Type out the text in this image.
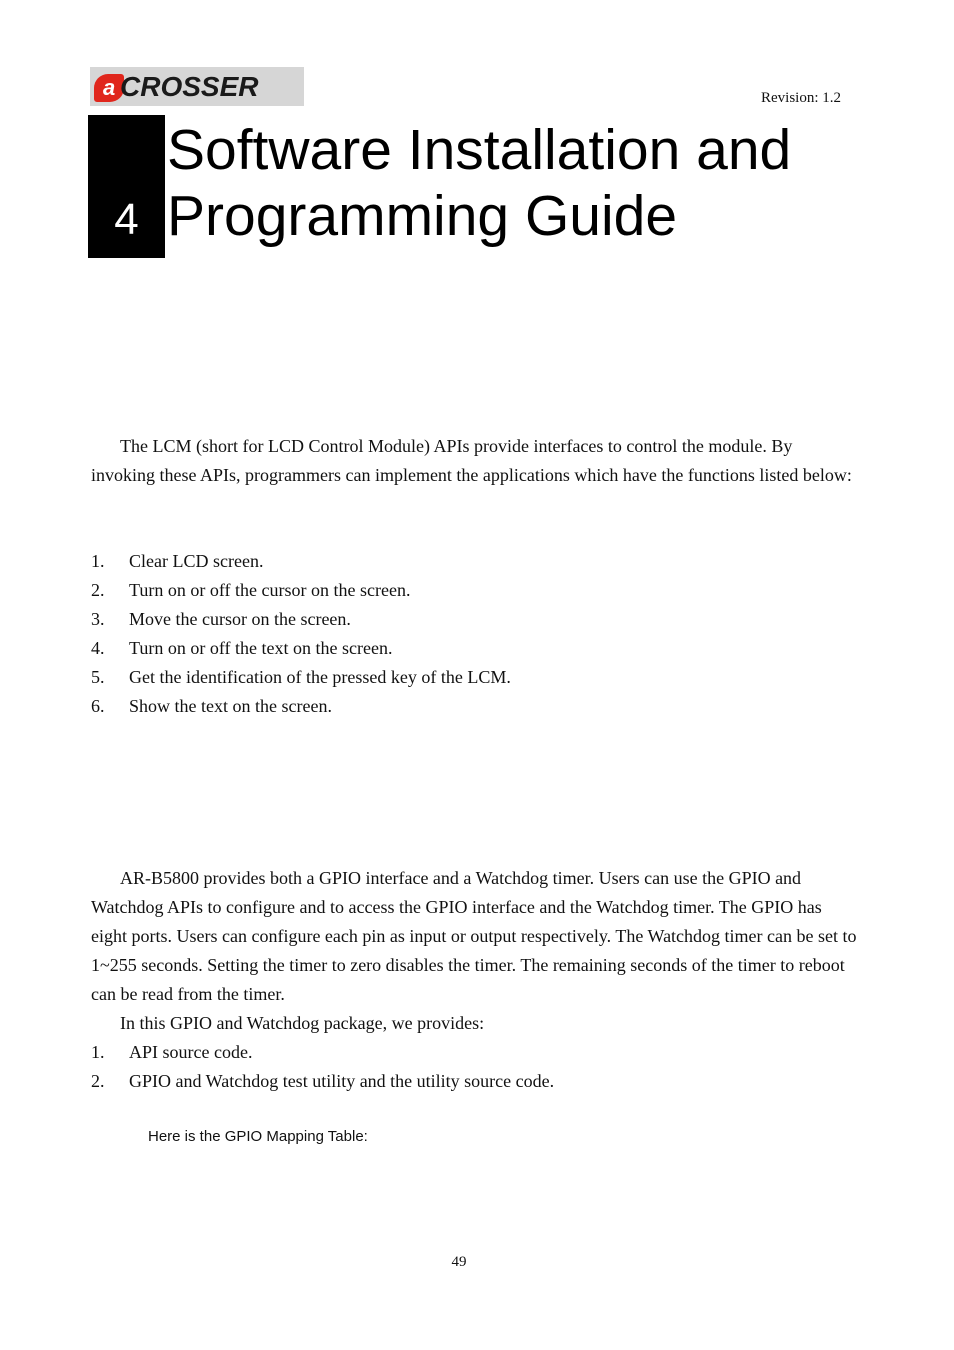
a CROSSER	Revision: 1.2
4
Software Installation and
Programming Guide

The LCM (short for LCD Control Module) APIs provide interfaces to control the module. By invoking these APIs, programmers can implement the applications which have the functions listed below:

1. Clear LCD screen.
2. Turn on or off the cursor on the screen.
3. Move the cursor on the screen.
4. Turn on or off the text on the screen.
5. Get the identification of the pressed key of the LCM.
6. Show the text on the screen.

AR-B5800 provides both a GPIO interface and a Watchdog timer. Users can use the GPIO and Watchdog APIs to configure and to access the GPIO interface and the Watchdog timer. The GPIO has eight ports. Users can configure each pin as input or output respectively. The Watchdog timer can be set to 1~255 seconds. Setting the timer to zero disables the timer. The remaining seconds of the timer to reboot can be read from the timer.

In this GPIO and Watchdog package, we provides:

1. API source code.
2. GPIO and Watchdog test utility and the utility source code.
Here is the GPIO Mapping Table:
49
